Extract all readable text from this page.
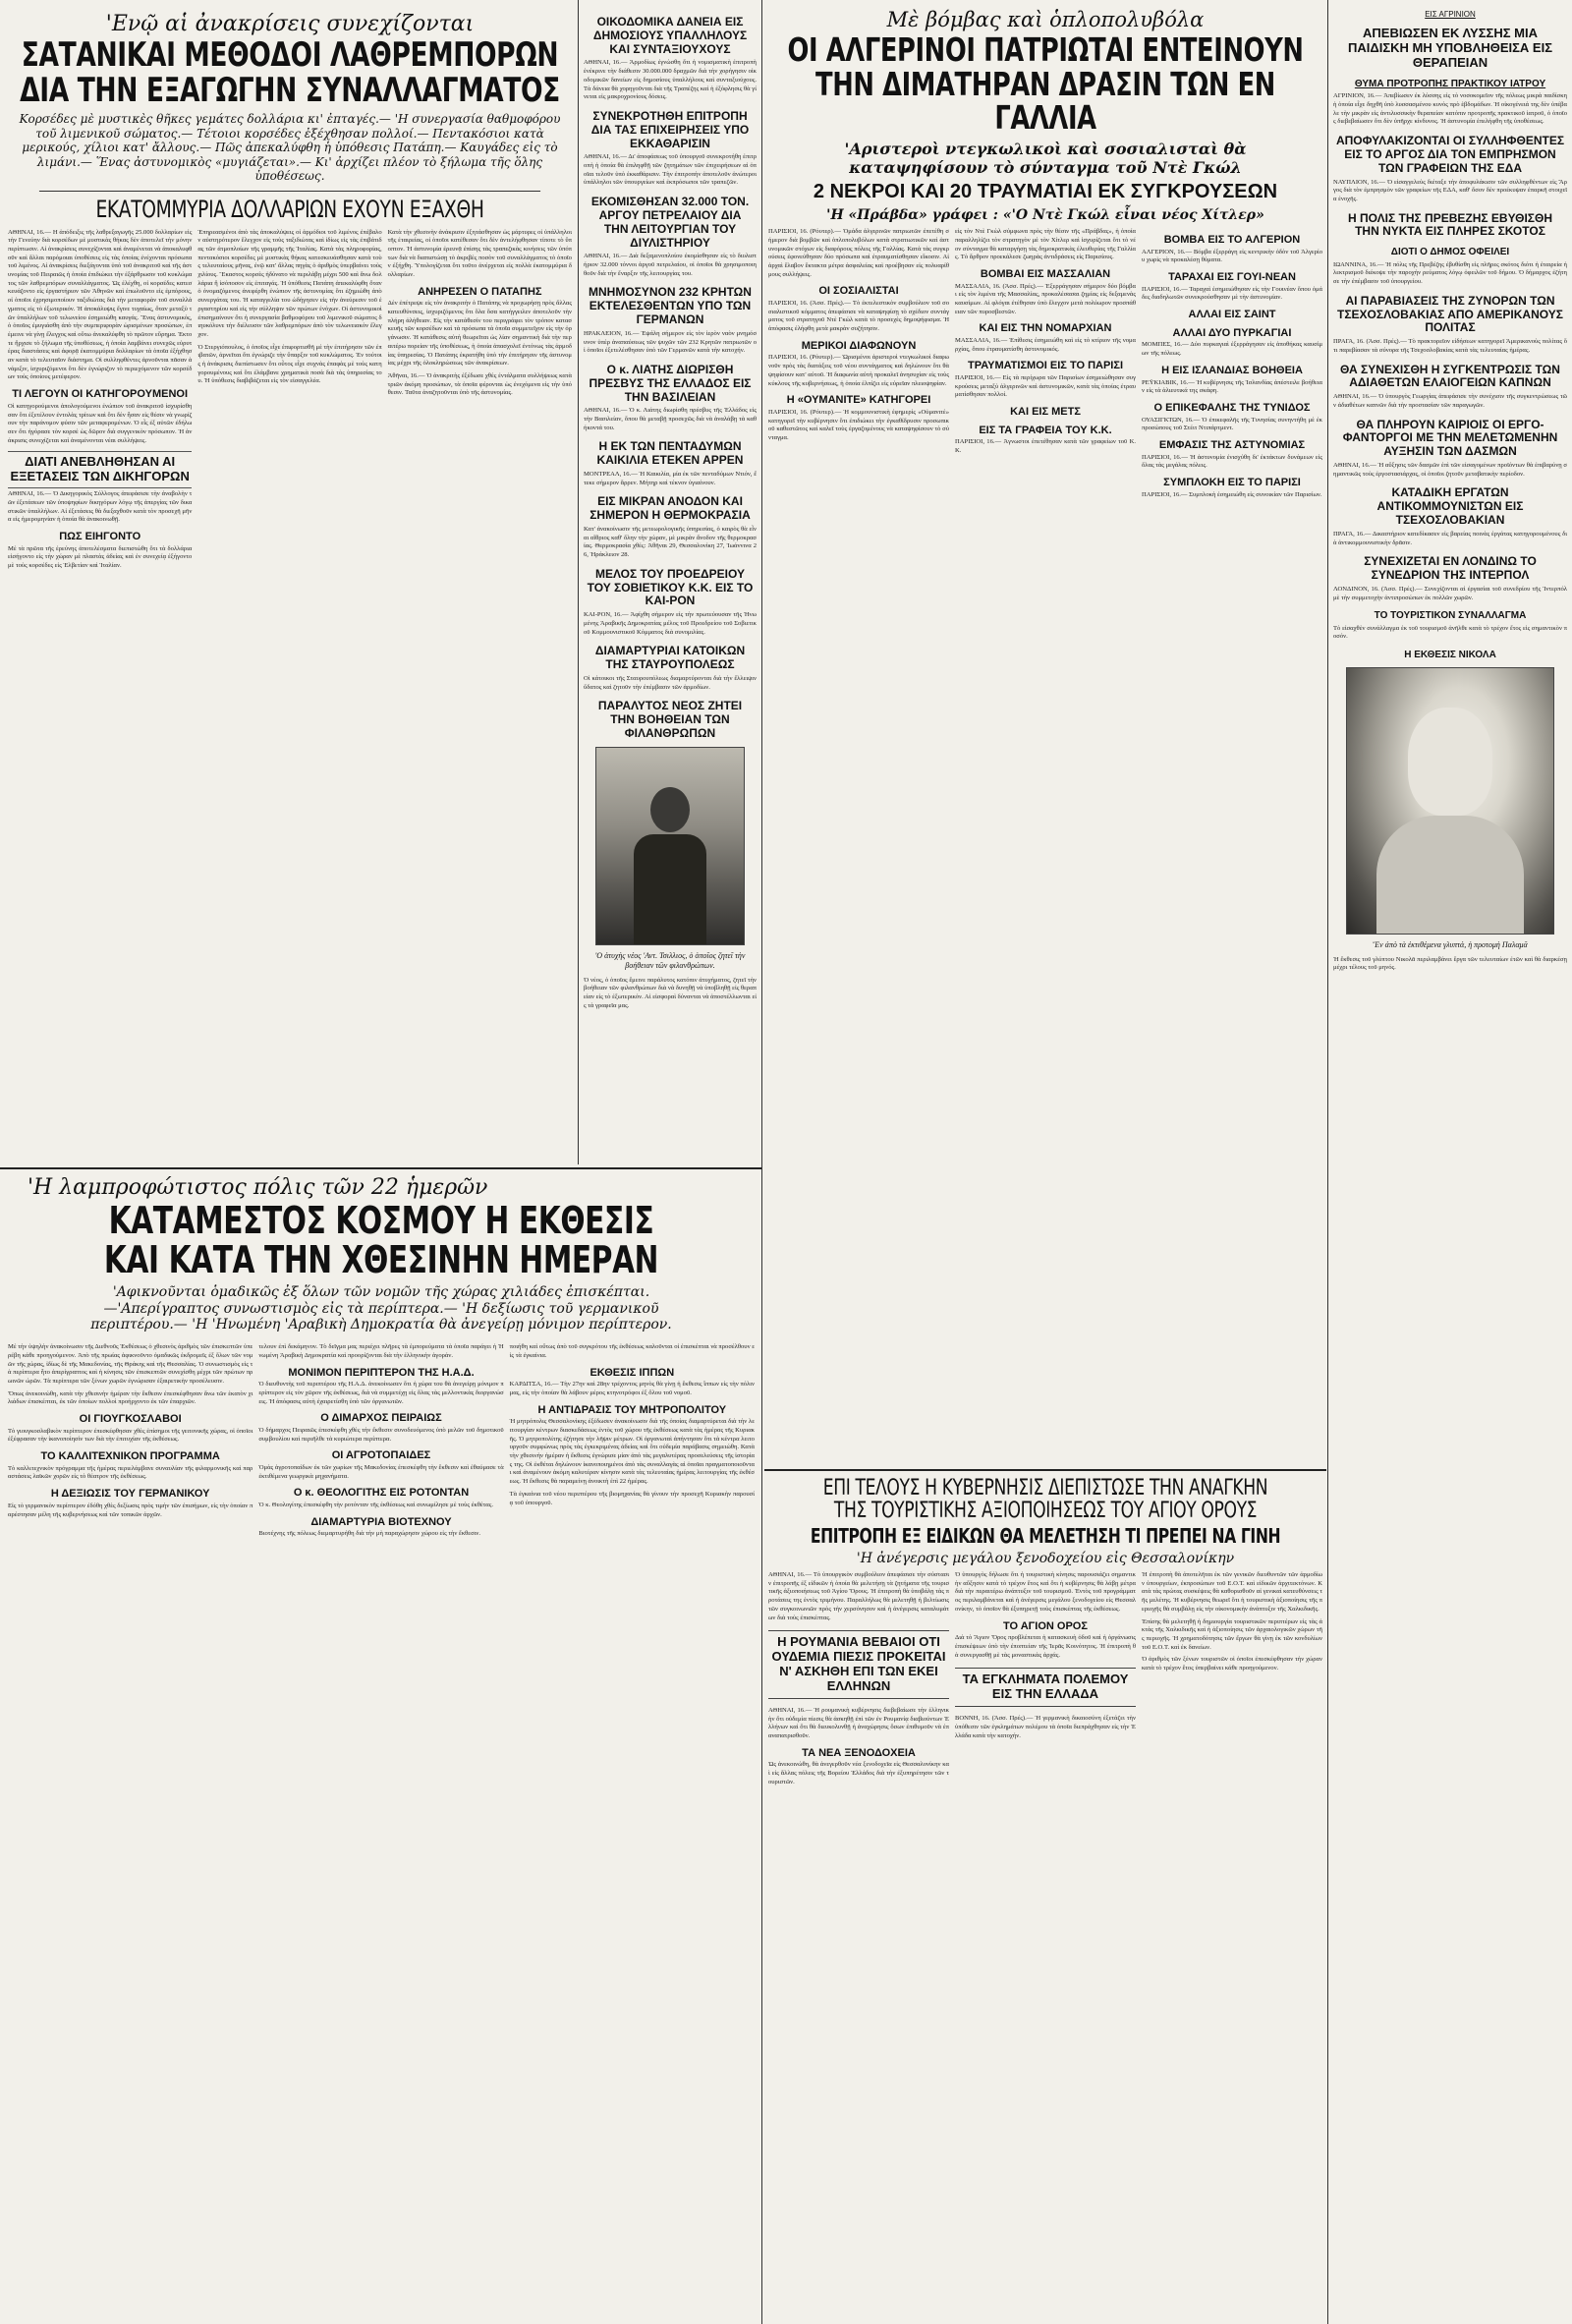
'Ενῷ αἱ ἀνακρίσεις συνεχίζονται

ΣΑΤΑΝΙΚΑΙ ΜΕΘΟΔΟΙ ΛΑΘΡΕΜΠΟΡΩΝ

ΔΙΑ ΤΗΝ ΕΞΑΓΩΓΗΝ ΣΥΝΑΛΛΑΓΜΑΤΟΣ

Κορσέδες μὲ μυστικὲς θῆκες γεμάτες δολλάρια κι' ἐπταγές.— 'Η συνεργασία θαθμοφόρου τοῦ λιμενικοῦ σώματος.— Τέτοιοι κορσέδες ἐξέχθησαν πολλοί.— Πεντακόσιοι κατὰ μερικούς, χίλιοι κατ' ἄλλους.— Πῶς ἀπεκαλύφθη ἡ ὑπόθεσις Πατάπη.— Καυγάδες εἰς τὸ λιμάνι.— Ἕνας ἀστυνομικὸς «μυγιάζεται».— Κι' ἀρχίζει πλέον τὸ ξήλωμα τῆς ὅλης ὑποθέσεως.

ΕΚΑΤΟΜΜΥΡΙΑ ΔΟΛΛΑΡΙΩΝ ΕΧΟΥΝ ΕΞΑΧΘΗ

ΑΘΗΝΑΙ, 16.— Η ἀπόδειξις τῆς λαθρεξαγωγῆς 25.000 δολλαρίων εἰς τὴν Γενεύην διὰ κορσέδων μὲ μυστικὰς θήκας δὲν ἀποτελεῖ τὴν μόνην περίπτωσιν. Αἱ ἀνακρίσεις συνεχίζονται καὶ ἀναμένεται νὰ ἀποκαλυφθοῦν καὶ ἄλλαι παρόμοιαι ὑποθέσεις εἰς τὰς ὁποίας ἐνέχονται πρόσωπα τοῦ λιμένος. Αἱ ἀνακρίσεις διεξάγονται ὑπὸ τοῦ ἀνακριτοῦ καὶ τῆς ἀστυνομίας τοῦ Πειραιῶς ἡ ὁποία ἐπιδιώκει τὴν ἐξάρθρωσιν τοῦ κυκλώματος τῶν λαθρεμπόρων συναλλάγματος. Ὡς ἐλέχθη, οἱ κορσέδες κατεσκευάζοντο εἰς ἐργαστήριον τῶν Ἀθηνῶν καὶ ἐπωλοῦντο εἰς ἐμπόρους, οἱ ὁποῖοι ἐχρησιμοποίουν ταξιδιώτας διὰ τὴν μεταφορὰν τοῦ συναλλάγματος εἰς τὸ ἐξωτερικόν. Ἡ ἀποκάλυψις ἔγινε τυχαίως, ὅταν μεταξὺ τῶν ὑπαλλήλων τοῦ τελωνείου ἐσημειώθη καυγάς. Ἕνας ἀστυνομικός, ὁ ὁποῖος ἐμυγιάσθη ἀπὸ τὴν συμπεριφορὰν ὡρισμένων προσώπων, ἐπέμεινε νὰ γίνῃ ἔλεγχος καὶ οὕτω ἀνεκαλύφθη τὸ πρῶτον εὕρημα. Ἐκτοτε ἤρχισε τὸ ξήλωμα τῆς ὑποθέσεως, ἡ ὁποία λαμβάνει συνεχῶς εὐρυτέρας διαστάσεις καὶ ἀφορᾷ ἐκατομμύρια δολλαρίων τὰ ὁποῖα ἐξήχθησαν κατὰ τὸ τελευταῖον διάστημα. Οἱ συλληφθέντες ἀρνοῦνται πᾶσαν ἀνάμιξιν, ἰσχυριζόμενοι ὅτι δὲν ἐγνώριζον τὸ περιεχόμενον τῶν κορσέδων τοὺς ὁποίους μετέφερον.

ΤΙ ΛΕΓΟΥΝ ΟΙ ΚΑΤΗΓΟΡΟΥΜΕΝΟΙ

Οἱ κατηγορούμενοι ἀπολογούμενοι ἐνώπιον τοῦ ἀνακριτοῦ ἰσχυρίσθησαν ὅτι ἐξετέλουν ἐντολὰς τρίτων καὶ ὅτι δὲν ἦσαν εἰς θέσιν νὰ γνωρίζουν τὴν παράνομον φύσιν τῶν μεταφερομένων. Ὁ εἷς ἐξ αὐτῶν ἐδήλωσεν ὅτι ἠγόρασε τὸν κορσὲ ὡς δῶρον διὰ συγγενικὸν πρόσωπον. Ἡ ἀνάκρισις συνεχίζεται καὶ ἀναμένονται νέαι συλλήψεις.

ΔΙΑΤΙ ΑΝΕΒΛΗΘΗΣΑΝ ΑΙ ΕΞΕΤΑΣΕΙΣ ΤΩΝ ΔΙΚΗΓΟΡΩΝ

ΑΘΗΝΑΙ, 16.— Ὁ Δικηγορικὸς Σύλλογος ἀπεφάσισε τὴν ἀναβολὴν τῶν ἐξετάσεων τῶν ὑποψηφίων δικηγόρων λόγῳ τῆς ἀπεργίας τῶν δικαστικῶν ὑπαλλήλων. Αἱ ἐξετάσεις θὰ διεξαχθοῦν κατὰ τὸν προσεχῆ μῆνα εἰς ἡμερομηνίαν ἡ ὁποία θὰ ἀνακοινωθῇ.

ΠΩΣ ΕΙΗΓΟΝΤΟ

Μὲ τὰ πρῶτα τῆς ἐρεύνης ἀποτελέσματα διεπιστώθη ὅτι τὰ δολλάρια εἰσήγοντο εἰς τὴν χώραν μὲ πλαστὰς ἀδείας καὶ ἐν συνεχείᾳ ἐξήγοντο μὲ τοὺς κορσέδες εἰς Ἑλβετίαν καὶ Ἰταλίαν.

Ἐπηρεασμένοι ἀπὸ τὰς ἀποκαλύψεις οἱ ἁρμόδιοι τοῦ λιμένος ἐπέβαλον αὐστηρότερον ἔλεγχον εἰς τοὺς ταξιδιώτας καὶ ἰδίως εἰς τὰς ἐπιβάτιδας τῶν ἀτμοπλοίων τῆς γραμμῆς τῆς Ἰταλίας. Κατὰ τὰς πληροφορίας, πεντακόσιοι κορσέδες μὲ μυστικὰς θήκας κατεσκευάσθησαν κατὰ τοὺς τελευταίους μῆνας, ἐνῷ κατ' ἄλλας πηγὰς ὁ ἀριθμὸς ὑπερβαίνει τοὺς χιλίους. Ἕκαστος κορσὲς ἠδύνατο νὰ περιλάβῃ μέχρι 500 καὶ ἄνω δολλάρια ἢ ἰσόποσον εἰς ἐπιταγάς. Ἡ ὑπόθεσις Πατάπη ἀπεκαλύφθη ὅταν ὁ ὀνομαζόμενος ἀνεφέρθη ἐνώπιον τῆς ἀστυνομίας ὅτι ἐζημιώθη ἀπὸ συνεργάτας του. Ἡ καταγγελία του ὡδήγησεν εἰς τὴν ἀνεύρεσιν τοῦ ἐργαστηρίου καὶ εἰς τὴν σύλληψιν τῶν πρώτων ἐνόχων. Οἱ ἀστυνομικοὶ ἐπισημαίνουν ὅτι ἡ συνεργασία βαθμοφόρου τοῦ λιμενικοῦ σώματος διηυκόλυνε τὴν διέλευσιν τῶν λαθρεμπόρων ἀπὸ τὸν τελωνειακὸν ἔλεγχον.

Ὁ Στεργιόπουλος, ὁ ὁποῖος εἶχε ἐπιφορτισθῆ μὲ τὴν ἐπιτήρησιν τῶν ἐπιβατῶν, ἀρνεῖται ὅτι ἐγνώριζε τὴν ὕπαρξιν τοῦ κυκλώματος. Ἐν τούτοις ἡ ἀνάκρισις διεπίστωσεν ὅτι οὗτος εἶχε συχνὰς ἐπαφὰς μὲ τοὺς κατηγορουμένους καὶ ὅτι ἐλάμβανε χρηματικὰ ποσὰ διὰ τὰς ὑπηρεσίας του. Ἡ ὑπόθεσις διαβιβάζεται εἰς τὸν εἰσαγγελέα.

Κατὰ τὴν χθεσινὴν ἀνάκρισιν ἐξητάσθησαν ὡς μάρτυρες οἱ ὑπάλληλοι τῆς ἐταιρείας, οἱ ὁποῖοι κατέθεσαν ὅτι δὲν ἀντελήφθησαν τίποτε τὸ ὕποπτον. Ἡ ἀστυνομία ἐρευνᾷ ἐπίσης τὰς τραπεζικὰς κινήσεις τῶν ὑπόπτων διὰ νὰ διαπιστώσῃ τὸ ἀκριβὲς ποσὸν τοῦ συναλλάγματος τὸ ὁποῖον ἐξήχθη. Ὑπολογίζεται ὅτι τοῦτο ἀνέρχεται εἰς πολλὰ ἑκατομμύρια δολλαρίων.

ΑΝΗΡΕΣΕΝ Ο ΠΑΤΑΠΗΣ

Δὲν ἐπέτρεψε εἰς τὸν ἀνακριτὴν ὁ Πατάπης νὰ προχωρήσῃ πρὸς ἄλλας κατευθύνσεις, ἰσχυριζόμενος ὅτι ὅλα ὅσα κατήγγειλεν ἀποτελοῦν τὴν πλήρη ἀλήθειαν. Εἰς τὴν κατάθεσίν του περιγράφει τὸν τρόπον κατασκευῆς τῶν κορσέδων καὶ τὰ πρόσωπα τὰ ὁποῖα συμμετεῖχον εἰς τὴν ὀργάνωσιν. Ἡ κατάθεσις αὐτὴ θεωρεῖται ὡς λίαν σημαντικὴ διὰ τὴν περαιτέρω πορείαν τῆς ὑποθέσεως, ἡ ὁποία ἀπασχολεῖ ἐντόνως τὰς ἁρμοδίας ὑπηρεσίας. Ὁ Πατάπης ἐκρατήθη ὑπὸ τὴν ἐπιτήρησιν τῆς ἀστυνομίας μέχρι τῆς ὁλοκληρώσεως τῶν ἀνακρίσεων.

Ἀθῆναι, 16.— Ὁ ἀνακριτὴς ἐξέδωσε χθὲς ἐντάλματα συλλήψεως κατὰ τριῶν ἀκόμη προσώπων, τὰ ὁποῖα φέρονται ὡς ἐνεχόμενα εἰς τὴν ὑπόθεσιν. Ταῦτα ἀναζητοῦνται ὑπὸ τῆς ἀστυνομίας.

'Η λαμπροφώτιστος πόλις τῶν 22 ἡμερῶν

ΚΑΤΑΜΕΣΤΟΣ ΚΟΣΜΟΥ Η ΕΚΘΕΣΙΣ

ΚΑΙ ΚΑΤΑ ΤΗΝ ΧΘΕΣΙΝΗΝ ΗΜΕΡΑΝ

'Αφικνοῦνται ὁμαδικῶς ἐξ ὅλων τῶν νομῶν τῆς χώρας χιλιάδες ἐπισκέπται.—'Απερίγραπτος συνωστισμὸς εἰς τὰ περίπτερα.— 'Η δεξίωσις τοῦ γερμανικοῦ περιπτέρου.— 'Η 'Ηνωμένη 'Αραβικὴ Δημοκρατία θὰ ἀνεγείρῃ μόνιμον περίπτερον.

Μὲ τὴν ὑψηλὴν ἀνακοίνωσιν τῆς Διεθνοῦς Ἐκθέσεως ὁ χθεσινὸς ἀριθμὸς τῶν ἐπισκεπτῶν ὑπερέβη κάθε προηγούμενον. Ἀπὸ τῆς πρωίας ἀφικνοῦντο ὁμαδικῶς ἐκδρομεῖς ἐξ ὅλων τῶν νομῶν τῆς χώρας, ἰδίως δὲ τῆς Μακεδονίας, τῆς Θράκης καὶ τῆς Θεσσαλίας. Ὁ συνωστισμὸς εἰς τὰ περίπτερα ἦτο ἀπερίγραπτος καὶ ἡ κίνησις τῶν ἐπισκεπτῶν συνεχίσθη μέχρι τῶν πρώτων πρωινῶν ὡρῶν. Τὰ περίπτερα τῶν ξένων χωρῶν ἐγνώρισαν ἐξαιρετικὴν προσέλευσιν.

Ὅπως ἀνεκοινώθη, κατὰ τὴν χθεσινὴν ἡμέραν τὴν ἔκθεσιν ἐπεσκέφθησαν ἄνω τῶν ἑκατὸν χιλιάδων ἐπισκέπται, ἐκ τῶν ὁποίων πολλοὶ προήρχοντο ἐκ τῶν ἐπαρχιῶν.

ΟΙ ΓΙΟΥΓΚΟΣΛΑΒΟΙ

Τὸ γιουγκοσλαβικὸν περίπτερον ἐπεσκέφθησαν χθὲς ἐπίσημοι τῆς γειτονικῆς χώρας, οἱ ὁποῖοι ἐξέφρασαν τὴν ἱκανοποίησίν των διὰ τὴν ἐπιτυχίαν τῆς ἐκθέσεως.

ΤΟ ΚΑΛΛΙΤΕΧΝΙΚΟΝ ΠΡΟΓΡΑΜΜΑ

Τὸ καλλιτεχνικὸν πρόγραμμα τῆς ἡμέρας περιελάμβανε συναυλίαν τῆς φιλαρμονικῆς καὶ παραστάσεις λαϊκῶν χορῶν εἰς τὸ θέατρον τῆς ἐκθέσεως.

Η ΔΕΞΙΩΣΙΣ ΤΟΥ ΓΕΡΜΑΝΙΚΟΥ

Εἰς τὸ γερμανικὸν περίπτερον ἐδόθη χθὲς δεξίωσις πρὸς τιμὴν τῶν ἐπισήμων, εἰς τὴν ὁποίαν παρέστησαν μέλη τῆς κυβερνήσεως καὶ τῶν τοπικῶν ἀρχῶν.

τελουν ἐπὶ δεκάμηνον. Τὸ δεῖγμα μας περιέχει πλῆρες τὰ ἐμπορεύματα τὰ ὁποῖα παράγει ἡ Ἠνωμένη Ἀραβικὴ Δημοκρατία καὶ προορίζονται διὰ τὴν ἑλληνικὴν ἀγοράν.

ΜΟΝΙΜΟΝ ΠΕΡΙΠΤΕΡΟΝ ΤΗΣ Η.Α.Δ.

Ὁ διευθυντὴς τοῦ περιπτέρου τῆς Η.Α.Δ. ἀνεκοίνωσεν ὅτι ἡ χώρα του θὰ ἀνεγείρῃ μόνιμον περίπτερον εἰς τὸν χῶρον τῆς ἐκθέσεως, διὰ νὰ συμμετέχῃ εἰς ὅλας τὰς μελλοντικὰς διοργανώσεις. Ἡ ἀπόφασις αὐτὴ ἐχαιρετίσθη ὑπὸ τῶν ὀργανωτῶν.

Ο ΔΙΜΑΡΧΟΣ ΠΕΙΡΑΙΩΣ

Ὁ δήμαρχος Πειραιῶς ἐπεσκέφθη χθὲς τὴν ἔκθεσιν συνοδευόμενος ὑπὸ μελῶν τοῦ δημοτικοῦ συμβουλίου καὶ περιῆλθε τὰ κυριώτερα περίπτερα.

ΟΙ ΑΓΡΟΤΟΠΑΙΔΕΣ

Ὁμὰς ἀγροτοπαίδων ἐκ τῶν χωρίων τῆς Μακεδονίας ἐπεσκέφθη τὴν ἔκθεσιν καὶ ἐθαύμασε τὰ ἐκτιθέμενα γεωργικὰ μηχανήματα.

Ο κ. ΘΕΟΛΟΓΙΤΗΣ ΕΙΣ ΡΟΤΟΝΤΑΝ

Ὁ κ. Θεολογίτης ἐπεσκέφθη τὴν ροτόνταν τῆς ἐκθέσεως καὶ συνωμίλησε μὲ τοὺς ἐκθέτας.

ΔΙΑΜΑΡΤΥΡΙΑ ΒΙΟΤΕΧΝΟΥ

Βιοτέχνης τῆς πόλεως διεμαρτυρήθη διὰ τὴν μὴ παραχώρησιν χώρου εἰς τὴν ἔκθεσιν.

ποιήθη καὶ οὕτως ἀπὸ τοῦ συγκρότου τῆς ἐκθέσεως καλοῦνται οἱ ἐπισκέπται νὰ προσέλθουν εἰς τὰ ἐγκαίνια.

ΕΚΘΕΣΙΣ ΙΠΠΩΝ

ΚΑΡΔΙΤΣΑ, 16.— Τὴν 27ην καὶ 28ην τρέχοντος μηνὸς θὰ γίνῃ ἡ ἔκθεσις ἵππων εἰς τὴν πόλιν μας, εἰς τὴν ὁποίαν θὰ λάβουν μέρος κτηνοτρόφοι ἐξ ὅλου τοῦ νομοῦ.

Η ΑΝΤΙΔΡΑΣΙΣ ΤΟΥ ΜΗΤΡΟΠΟΛΙΤΟΥ

Ἡ μητρόπολις Θεσσαλονίκης ἐξέδωσεν ἀνακοίνωσιν διὰ τῆς ὁποίας διαμαρτύρεται διὰ τὴν λειτουργίαν κέντρων διασκεδάσεως ἐντὸς τοῦ χώρου τῆς ἐκθέσεως κατὰ τὰς ἡμέρας τῆς Κυριακῆς. Ὁ μητροπολίτης ἐζήτησε τὴν λῆψιν μέτρων. Οἱ ὀργανωταὶ ἀπήντησαν ὅτι τὰ κέντρα λειτουργοῦν συμφώνως πρὸς τὰς ἐγκεκριμένας ἀδείας καὶ ὅτι οὐδεμία παράβασις σημειώθη. Κατὰ τὴν χθεσινὴν ἡμέραν ἡ ἔκθεσις ἐγνώρισε μίαν ἀπὸ τὰς μεγαλυτέρας προσελεύσεις τῆς ἱστορίας της. Οἱ ἐκθέται δηλώνουν ἱκανοποιημένοι ἀπὸ τὰς συναλλαγὰς αἱ ὁποῖαι πραγματοποιοῦνται καὶ ἀναμένουν ἀκόμη καλυτέραν κίνησιν κατὰ τὰς τελευταίας ἡμέρας λειτουργίας τῆς ἐκθέσεως. Ἡ ἔκθεσις θὰ παραμείνῃ ἀνοικτὴ ἐπὶ 22 ἡμέρας.

Τὰ ἐγκαίνια τοῦ νέου περιπτέρου τῆς βιομηχανίας θὰ γίνουν τὴν προσεχῆ Κυριακὴν παρουσίᾳ τοῦ ὑπουργοῦ.

ΟΙΚΟΔΟΜΙΚΑ ΔΑΝΕΙΑ ΕΙΣ ΔΗΜΟΣΙΟΥΣ ΥΠΑΛΛΗΛΟΥΣ ΚΑΙ ΣΥΝΤΑΞΙΟΥΧΟΥΣ

ΑΘΗΝΑΙ, 16.— Ἀρμοδίως ἐγνώσθη ὅτι ἡ νομισματικὴ ἐπιτροπὴ ἐνέκρινε τὴν διάθεσιν 30.000.000 δραχμῶν διὰ τὴν χορήγησιν οἰκοδομικῶν δανείων εἰς δημοσίους ὑπαλλήλους καὶ συνταξιούχους. Τὰ δάνεια θὰ χορηγοῦνται διὰ τῆς Τραπέζης καὶ ἡ ἐξόφλησις θὰ γίνεται εἰς μακροχρονίους δόσεις.

ΣΥΝΕΚΡΟΤΗΘΗ ΕΠΙΤΡΟΠΗ ΔΙΑ ΤΑΣ ΕΠΙΧΕΙΡΗΣΕΙΣ ΥΠΟ ΕΚΚΑΘΑΡΙΣΙΝ

ΑΘΗΝΑΙ, 16.— Δι' ἀποφάσεως τοῦ ὑπουργοῦ συνεκροτήθη ἐπιτροπὴ ἡ ὁποία θὰ ἐπιληφθῇ τῶν ζητημάτων τῶν ἐπιχειρήσεων αἱ ὁποῖαι τελοῦν ὑπὸ ἐκκαθάρισιν. Τὴν ἐπιτροπὴν ἀποτελοῦν ἀνώτεροι ὑπάλληλοι τῶν ὑπουργείων καὶ ἐκπρόσωποι τῶν τραπεζῶν.

ΕΚΟΜΙΣΘΗΣΑΝ 32.000 ΤΟΝ. ΑΡΓΟΥ ΠΕΤΡΕΛΑΙΟΥ ΔΙΑ ΤΗΝ ΛΕΙΤΟΥΡΓΙΑΝ ΤΟΥ ΔΙΥΛΙΣΤΗΡΙΟΥ

ΑΘΗΝΑΙ, 16.— Διὰ δεξαμενοπλοίου ἐκομίσθησαν εἰς τὸ διυλιστήριον 32.000 τόννοι ἀργοῦ πετρελαίου, οἱ ὁποῖοι θὰ χρησιμοποιηθοῦν διὰ τὴν ἔναρξιν τῆς λειτουργίας του.

ΜΝΗΜΟΣΥΝΟΝ 232 ΚΡΗΤΩΝ ΕΚΤΕΛΕΣΘΕΝΤΩΝ ΥΠΟ ΤΩΝ ΓΕΡΜΑΝΩΝ

ΗΡΑΚΛΕΙΟΝ, 16.— Ἐψάλη σήμερον εἰς τὸν ἱερὸν ναὸν μνημόσυνον ὑπὲρ ἀναπαύσεως τῶν ψυχῶν τῶν 232 Κρητῶν πατριωτῶν οἱ ὁποῖοι ἐξετελέσθησαν ὑπὸ τῶν Γερμανῶν κατὰ τὴν κατοχήν.

Ο κ. ΛΙΑΤΗΣ ΔΙΩΡΙΣΘΗ ΠΡΕΣΒΥΣ ΤΗΣ ΕΛΛΑΔΟΣ ΕΙΣ ΤΗΝ ΒΑΣΙΛΕΙΑΝ

ΑΘΗΝΑΙ, 16.— Ὁ κ. Λιάτης διωρίσθη πρέσβυς τῆς Ἑλλάδος εἰς τὴν Βασιλείαν, ὅπου θὰ μεταβῇ προσεχῶς διὰ νὰ ἀναλάβῃ τὰ καθήκοντά του.

Η ΕΚ ΤΩΝ ΠΕΝΤΑΔΥΜΩΝ ΚΑΙΚΙΛΙΑ ΕΤΕΚΕΝ ΑΡΡΕΝ

ΜΟΝΤΡΕΑΛ, 16.— Ἡ Καικιλία, μία ἐκ τῶν πενταδύμων Ντιόν, ἔτεκε σήμερον ἄρρεν. Μήτηρ καὶ τέκνον ὑγιαίνουν.

ΕΙΣ ΜΙΚΡΑΝ ΑΝΟΔΟΝ ΚΑΙ ΣΗΜΕΡΟΝ Η ΘΕΡΜΟΚΡΑΣΙΑ

Κατ' ἀνακοίνωσιν τῆς μετεωρολογικῆς ὑπηρεσίας, ὁ καιρὸς θὰ εἶναι αἴθριος καθ' ὅλην τὴν χώραν, μὲ μικρὰν ἄνοδον τῆς θερμοκρασίας. Θερμοκρασία χθές: Ἀθῆναι 29, Θεσσαλονίκη 27, Ἰωάννινα 26, Ἡράκλειον 28.

ΜΕΛΟΣ ΤΟΥ ΠΡΟΕΔΡΕΙΟΥ ΤΟΥ ΣΟΒΙΕΤΙΚΟΥ Κ.Κ. ΕΙΣ ΤΟ ΚΑΙ-ΡΟΝ

ΚΑΙ-ΡΟΝ, 16.— Ἀφίχθη σήμερον εἰς τὴν πρωτεύουσαν τῆς Ἡνωμένης Ἀραβικῆς Δημοκρατίας μέλος τοῦ Προεδρείου τοῦ Σοβιετικοῦ Κομμουνιστικοῦ Κόμματος διὰ συνομιλίας.

ΔΙΑΜΑΡΤΥΡΙΑΙ ΚΑΤΟΙΚΩΝ ΤΗΣ ΣΤΑΥΡΟΥΠΟΛΕΩΣ

Οἱ κάτοικοι τῆς Σταυρουπόλεως διαμαρτύρονται διὰ τὴν ἔλλειψιν ὕδατος καὶ ζητοῦν τὴν ἐπέμβασιν τῶν ἁρμοδίων.

ΠΑΡΑΛΥΤΟΣ ΝΕΟΣ ΖΗΤΕΙ ΤΗΝ ΒΟΗΘΕΙΑΝ ΤΩΝ ΦΙΛΑΝΘΡΩΠΩΝ

'Ο ἀτυχὴς νέος 'Αντ. Τσιλλιος, ὁ ὁποῖος ζητεῖ τὴν βοήθειαν τῶν φιλανθρώπων.

Ὁ νέος, ὁ ὁποῖος ἔμεινε παράλυτος κατόπιν ἀτυχήματος, ζητεῖ τὴν βοήθειαν τῶν φιλανθρώπων διὰ νὰ δυνηθῇ νὰ ὑποβληθῇ εἰς θεραπείαν εἰς τὸ ἐξωτερικόν. Αἱ εἰσφοραὶ δύνανται νὰ ἀποστέλλωνται εἰς τὰ γραφεῖα μας.

Μὲ βόμβας καὶ ὁπλοπολυβόλα

ΟΙ ΑΛΓΕΡΙΝΟΙ ΠΑΤΡΙΩΤΑΙ ΕΝΤΕΙΝΟΥΝ

ΤΗΝ ΔΙΜΑΤΗΡΑΝ ΔΡΑΣΙΝ ΤΩΝ ΕΝ ΓΑΛΛΙΑ

'Αριστεροὶ ντεγκωλικοὶ καὶ σοσιαλισταὶ θὰ καταψηφίσουν τὸ σύνταγμα τοῦ Ντὲ Γκώλ

2 ΝΕΚΡΟΙ ΚΑΙ 20 ΤΡΑΥΜΑΤΙΑΙ ΕΚ ΣΥΓΚΡΟΥΣΕΩΝ

'Η «Πράβδα» γράφει : «'Ο Ντὲ Γκώλ εἶναι νέος Χίτλερ»

ΠΑΡΙΣΙΟΙ, 16. (Ρόυτερ).— Ὁμάδα ἀλγερινῶν πατριωτῶν ἐπετέθη σήμερον διὰ βομβῶν καὶ ὁπλοπολυβόλων κατὰ στρατιωτικῶν καὶ ἀστυνομικῶν στόχων εἰς διαφόρους πόλεις τῆς Γαλλίας. Κατὰ τὰς συγκρούσεις ἐφονεύθησαν δύο πρόσωπα καὶ ἐτραυματίσθησαν εἴκοσιν. Αἱ ἀρχαὶ ἔλαβον ἔκτακτα μέτρα ἀσφαλείας καὶ προέβησαν εἰς πολυαρίθμους συλλήψεις.

ΟΙ ΣΟΣΙΑΛΙΣΤΑΙ

ΠΑΡΙΣΙΟΙ, 16. (Ἀσσ. Πρές).— Τὸ ἐκτελεστικὸν συμβούλιον τοῦ σοσιαλιστικοῦ κόμματος ἀπεφάσισε νὰ καταψηφίσῃ τὸ σχέδιον συντάγματος τοῦ στρατηγοῦ Ντὲ Γκώλ κατὰ τὸ προσεχὲς δημοψήφισμα. Ἡ ἀπόφασις ἐλήφθη μετὰ μακρὰν συζήτησιν.

ΜΕΡΙΚΟΙ ΔΙΑΦΩΝΟΥΝ

ΠΑΡΙΣΙΟΙ, 16. (Ρόυτερ).— Ὡρισμένοι ἀριστεροὶ ντεγκωλικοὶ διαφωνοῦν πρὸς τὰς διατάξεις τοῦ νέου συντάγματος καὶ δηλώνουν ὅτι θὰ ψηφίσουν κατ' αὐτοῦ. Ἡ διαφωνία αὐτὴ προκαλεῖ ἀνησυχίαν εἰς τοὺς κύκλους τῆς κυβερνήσεως, ἡ ὁποία ἐλπίζει εἰς εὐρεῖαν πλειοψηφίαν.

Η «ΟΥΜΑΝΙΤΕ» ΚΑΤΗΓΟΡΕΙ

ΠΑΡΙΣΙΟΙ, 16. (Ρόυτερ).— Ἡ κομμουνιστικὴ ἐφημερὶς «Οὐμανιτὲ» κατηγορεῖ τὴν κυβέρνησιν ὅτι ἐπιδιώκει τὴν ἐγκαθίδρυσιν προσωπικοῦ καθεστῶτος καὶ καλεῖ τοὺς ἐργαζομένους νὰ καταψηφίσουν τὸ σύνταγμα.

εἰς τὸν Ντὲ Γκὼλ σύμφωνα πρὸς τὴν θέσιν τῆς «Πράβδας», ἡ ὁποία παραλληλίζει τὸν στρατηγὸν μὲ τὸν Χίτλερ καὶ ἰσχυρίζεται ὅτι τὸ νέον σύνταγμα θὰ καταργήσῃ τὰς δημοκρατικὰς ἐλευθερίας τῆς Γαλλίας. Τὸ ἄρθρον προεκάλεσε ζωηρὰς ἀντιδράσεις εἰς Παρισίους.

ΒΟΜΒΑΙ ΕΙΣ ΜΑΣΣΑΛΙΑΝ

ΜΑΣΣΑΛΙΑ, 16. (Ἀσσ. Πρές).— Ἐξερράγησαν σήμερον δύο βόμβαι εἰς τὸν λιμένα τῆς Μασσαλίας, προκαλέσασαι ζημίας εἰς δεξαμενὰς καυσίμων. Αἱ φλόγαι ἐτέθησαν ὑπὸ ἔλεγχον μετὰ πολύωρον προσπάθειαν τῶν πυροσβεστῶν.

ΚΑΙ ΕΙΣ ΤΗΝ ΝΟΜΑΡΧΙΑΝ

ΜΑΣΣΑΛΙΑ, 16.— Ἐπίθεσις ἐσημειώθη καὶ εἰς τὸ κτίριον τῆς νομαρχίας, ὅπου ἐτραυματίσθη ἀστυνομικός.

ΤΡΑΥΜΑΤΙΣΜΟΙ ΕΙΣ ΤΟ ΠΑΡΙΣΙ

ΠΑΡΙΣΙΟΙ, 16.— Εἰς τὰ περίχωρα τῶν Παρισίων ἐσημειώθησαν συγκρούσεις μεταξὺ ἀλγερινῶν καὶ ἀστυνομικῶν, κατὰ τὰς ὁποίας ἐτραυματίσθησαν πολλοί.

ΚΑΙ ΕΙΣ ΜΕΤΣ

ΕΙΣ ΤΑ ΓΡΑΦΕΙΑ ΤΟΥ Κ.Κ.

ΠΑΡΙΣΙΟΙ, 16.— Ἀγνωστοι ἐπετέθησαν κατὰ τῶν γραφείων τοῦ Κ.Κ.

ΒΟΜΒΑ ΕΙΣ ΤΟ ΑΛΓΕΡΙΟΝ

ΑΛΓΕΡΙΟΝ, 16.— Βόμβα ἐξερράγη εἰς κεντρικὴν ὁδὸν τοῦ Ἀλγερίου χωρὶς νὰ προκαλέσῃ θύματα.

ΤΑΡΑΧΑΙ ΕΙΣ ΓΟΥΙ-ΝΕΑΝ

ΠΑΡΙΣΙΟΙ, 16.— Ταραχαὶ ἐσημειώθησαν εἰς τὴν Γουινέαν ὅπου ὁμάδες διαδηλωτῶν συνεκρούσθησαν μὲ τὴν ἀστυνομίαν.

ΑΛΛΑΙ ΕΙΣ ΣΑΙΝΤ

ΑΛΛΑΙ ΔΥΟ ΠΥΡΚΑΓΙΑΙ

ΜΟΜΠΕΣ, 16.— Δύο πυρκαγιαὶ ἐξερράγησαν εἰς ἀποθήκας καυσίμων τῆς πόλεως.

Η ΕΙΣ ΙΣΛΑΝΔΙΑΣ ΒΟΗΘΕΙΑ

ΡΕΫΚΙΑΒΙΚ, 16.— Ἡ κυβέρνησις τῆς Ἰσλανδίας ἀπέστειλε βοήθειαν εἰς τὰ ἁλιευτικά της σκάφη.

Ο ΕΠΙΚΕΦΑΛΗΣ ΤΗΣ ΤΥΝΙΔΟΣ

ΟΥΑΣΙΓΚΤΩΝ, 16.— Ὁ ἐπικεφαλῆς τῆς Τυνησίας συνηντήθη μὲ ἐκπροσώπους τοῦ Στέιτ Ντιπάρτμεντ.

ΕΜΦΑΣΙΣ ΤΗΣ ΑΣΤΥΝΟΜΙΑΣ

ΠΑΡΙΣΙΟΙ, 16.— Ἡ ἀστυνομία ἐνισχύθη δι' ἐκτάκτων δυνάμεων εἰς ὅλας τὰς μεγάλας πόλεις.

ΣΥΜΠΛΟΚΗ ΕΙΣ ΤΟ ΠΑΡΙΣΙ

ΠΑΡΙΣΙΟΙ, 16.— Συμπλοκὴ ἐσημειώθη εἰς συνοικίαν τῶν Παρισίων.

ΕΠΙ ΤΕΛΟΥΣ Η ΚΥΒΕΡΝΗΣΙΣ ΔΙΕΠΙΣΤΩΣΕ ΤΗΝ ΑΝΑΓΚΗΝ

ΤΗΣ ΤΟΥΡΙΣΤΙΚΗΣ ΑΞΙΟΠΟΙΗΣΕΩΣ ΤΟΥ ΑΓΙΟΥ ΟΡΟΥΣ

ΕΠΙΤΡΟΠΗ ΕΞ ΕΙΔΙΚΩΝ ΘΑ ΜΕΛΕΤΗΣΗ ΤΙ ΠΡΕΠΕΙ ΝΑ ΓΙΝΗ

'Η ἀνέγερσις μεγάλου ξενοδοχείου εἰς Θεσσαλονίκην

ΑΘΗΝΑΙ, 16.— Τὸ ὑπουργικὸν συμβούλιον ἀπεφάσισε τὴν σύστασιν ἐπιτροπῆς ἐξ εἰδικῶν ἡ ὁποία θὰ μελετήσῃ τὰ ζητήματα τῆς τουριστικῆς ἀξιοποιήσεως τοῦ Ἁγίου Ὄρους. Ἡ ἐπιτροπὴ θὰ ὑποβάλῃ τὰς προτάσεις της ἐντὸς τριμήνου. Παραλλήλως θὰ μελετηθῇ ἡ βελτίωσις τῶν συγκοινωνιῶν πρὸς τὴν χερσόνησον καὶ ἡ ἀνέγερσις καταλυμάτων διὰ τοὺς ἐπισκέπτας.

Η ΡΟΥΜΑΝΙΑ ΒΕΒΑΙΟΙ ΟΤΙ ΟΥΔΕΜΙΑ ΠΙΕΣΙΣ ΠΡΟΚΕΙΤΑΙ Ν' ΑΣΚΗΘΗ ΕΠΙ ΤΩΝ ΕΚΕΙ ΕΛΛΗΝΩΝ

ΑΘΗΝΑΙ, 16.— Ἡ ρουμανικὴ κυβέρνησις διεβεβαίωσε τὴν ἑλληνικὴν ὅτι οὐδεμία πίεσις θὰ ἀσκηθῇ ἐπὶ τῶν ἐν Ρουμανίᾳ διαβιούντων Ἑλλήνων καὶ ὅτι θὰ διευκολυνθῇ ἡ ἀναχώρησις ὅσων ἐπιθυμοῦν νὰ ἐπαναπατρισθοῦν.

ΤΑ ΝΕΑ ΞΕΝΟΔΟΧΕΙΑ

Ὡς ἀνεκοινώθη, θὰ ἀνεγερθοῦν νέα ξενοδοχεῖα εἰς Θεσσαλονίκην καὶ εἰς ἄλλας πόλεις τῆς Βορείου Ἑλλάδος διὰ τὴν ἐξυπηρέτησιν τῶν τουριστῶν.

Ὁ ὑπουργὸς δήλωσε ὅτι ἡ τουριστικὴ κίνησις παρουσιάζει σημαντικὴν αὔξησιν κατὰ τὸ τρέχον ἔτος καὶ ὅτι ἡ κυβέρνησις θὰ λάβῃ μέτρα διὰ τὴν περαιτέρω ἀνάπτυξιν τοῦ τουρισμοῦ. Ἐντὸς τοῦ προγράμματος περιλαμβάνεται καὶ ἡ ἀνέγερσις μεγάλου ξενοδοχείου εἰς Θεσσαλονίκην, τὸ ὁποῖον θὰ ἐξυπηρετῇ τοὺς ἐπισκέπτας τῆς ἐκθέσεως.

ΤΟ ΑΓΙΟΝ ΟΡΟΣ

Διὰ τὸ Ἅγιον Ὄρος προβλέπεται ἡ κατασκευὴ ὁδοῦ καὶ ἡ ὀργάνωσις ἐπισκέψεων ὑπὸ τὴν ἐποπτείαν τῆς Ἱερᾶς Κοινότητος. Ἡ ἐπιτροπὴ θὰ συνεργασθῇ μὲ τὰς μοναστικὰς ἀρχάς.

ΤΑ ΕΓΚΛΗΜΑΤΑ ΠΟΛΕΜΟΥ ΕΙΣ ΤΗΝ ΕΛΛΑΔΑ

ΒΟΝΝΗ, 16. (Ἀσσ. Πρές).— Ἡ γερμανικὴ δικαιοσύνη ἐξετάζει τὴν ὑπόθεσιν τῶν ἐγκλημάτων πολέμου τὰ ὁποῖα διεπράχθησαν εἰς τὴν Ἑλλάδα κατὰ τὴν κατοχήν.

Ἡ ἐπιτροπὴ θὰ ἀποτελῆται ἐκ τῶν γενικῶν διευθυντῶν τῶν ἁρμοδίων ὑπουργείων, ἐκπροσώπων τοῦ Ε.Ο.Τ. καὶ εἰδικῶν ἀρχιτεκτόνων. Κατὰ τὰς πρώτας συσκέψεις θὰ καθορισθοῦν αἱ γενικαὶ κατευθύνσεις τῆς μελέτης. Ἡ κυβέρνησις θεωρεῖ ὅτι ἡ τουριστικὴ ἀξιοποίησις τῆς περιοχῆς θὰ συμβάλῃ εἰς τὴν οἰκονομικὴν ἀνάπτυξιν τῆς Χαλκιδικῆς.

Ἐπίσης θὰ μελετηθῇ ἡ δημιουργία τουριστικῶν περιπτέρων εἰς τὰς ἀκτὰς τῆς Χαλκιδικῆς καὶ ἡ ἀξιοποίησις τῶν ἀρχαιολογικῶν χώρων τῆς περιοχῆς. Ἡ χρηματοδότησις τῶν ἔργων θὰ γίνῃ ἐκ τῶν κονδυλίων τοῦ Ε.Ο.Τ. καὶ ἐκ δανείων.

Ὁ ἀριθμὸς τῶν ξένων τουριστῶν οἱ ὁποῖοι ἐπεσκέφθησαν τὴν χώραν κατὰ τὸ τρέχον ἔτος ὑπερβαίνει κάθε προηγούμενον.

ΕΙΣ ΑΓΡΙΝΙΟΝ

ΑΠΕΒΙΩΣΕΝ ΕΚ ΛΥΣΣΗΣ ΜΙΑ ΠΑΙΔΙΣΚΗ ΜΗ ΥΠΟΒΛΗΘΕΙΣΑ ΕΙΣ ΘΕΡΑΠΕΙΑΝ

ΘΥΜΑ ΠΡΟΤΡΟΠΗΣ ΠΡΑΚΤΙΚΟΥ ΙΑΤΡΟΥ

ΑΓΡΙΝΙΟΝ, 16.— Ἀπεβίωσεν ἐκ λύσσης εἰς τὸ νοσοκομεῖον τῆς πόλεως μικρὰ παιδίσκη ἡ ὁποία εἶχε δηχθῆ ὑπὸ λυσσασμένου κυνὸς πρὸ ἑβδομάδων. Ἡ οἰκογένειά της δὲν ὑπέβαλε τὴν μικρὰν εἰς ἀντιλυσσικὴν θεραπείαν κατόπιν προτροπῆς πρακτικοῦ ἰατροῦ, ὁ ὁποῖος διεβεβαίωσεν ὅτι δὲν ὑπῆρχε κίνδυνος. Ἡ ἀστυνομία ἐπελήφθη τῆς ὑποθέσεως.

ΑΠΟΦΥΛΑΚΙΖΟΝΤΑΙ ΟΙ ΣΥΛΛΗΦΘΕΝΤΕΣ ΕΙΣ ΤΟ ΑΡΓΟΣ ΔΙΑ ΤΟΝ ΕΜΠΡΗΣΜΟΝ ΤΩΝ ΓΡΑΦΕΙΩΝ ΤΗΣ ΕΔΑ

ΝΑΥΠΛΙΟΝ, 16.— Ὁ εἰσαγγελεὺς διέταξε τὴν ἀποφυλάκισιν τῶν συλληφθέντων εἰς Ἄργος διὰ τὸν ἐμπρησμὸν τῶν γραφείων τῆς ΕΔΑ, καθ' ὅσον δὲν προέκυψαν ἐπαρκῆ στοιχεῖα ἐνοχῆς.

Η ΠΟΛΙΣ ΤΗΣ ΠΡΕΒΕΖΗΣ ΕΒΥΘΙΣΘΗ ΤΗΝ ΝΥΚΤΑ ΕΙΣ ΠΛΗΡΕΣ ΣΚΟΤΟΣ

ΔΙΟΤΙ Ο ΔΗΜΟΣ ΟΦΕΙΛΕΙ

ΙΩΑΝΝΙΝΑ, 16.— Ἡ πόλις τῆς Πρεβέζης ἐβυθίσθη εἰς πλῆρες σκότος διότι ἡ ἑταιρεία ἠλεκτρισμοῦ διέκοψε τὴν παροχὴν ρεύματος λόγῳ ὀφειλῶν τοῦ δήμου. Ὁ δήμαρχος ἐζήτησε τὴν ἐπέμβασιν τοῦ ὑπουργείου.

ΑΙ ΠΑΡΑΒΙΑΣΕΙΣ ΤΗΣ ΖΥΝΟΡΩΝ ΤΩΝ ΤΣΕΧΟΣΛΟΒΑΚΙΑΣ ΑΠΟ ΑΜΕΡΙΚΑΝΟΥΣ ΠΟΛΙΤΑΣ

ΠΡΑΓΑ, 16. (Ἀσσ. Πρές).— Τὸ πρακτορεῖον εἰδήσεων κατηγορεῖ Ἀμερικανοὺς πολίτας ὅτι παρεβίασαν τὰ σύνορα τῆς Τσεχοσλοβακίας κατὰ τὰς τελευταίας ἡμέρας.

ΘΑ ΣΥΝΕΧΙΣΘΗ Η ΣΥΓΚΕΝΤΡΩΣΙΣ ΤΩΝ ΑΔΙΑΘΕΤΩΝ ΕΛΑΙΟΓΕΙΩΝ ΚΑΠΝΩΝ

ΑΘΗΝΑΙ, 16.— Ὁ ὑπουργὸς Γεωργίας ἀπεφάσισε τὴν συνέχισιν τῆς συγκεντρώσεως τῶν ἀδιαθέτων καπνῶν διὰ τὴν προστασίαν τῶν παραγωγῶν.

ΘΑ ΠΛΗΡΟΥΝ ΚΑΙΡΙΟΙΣ ΟΙ ΕΡΓΟ-ΦΑΝΤΟΡΓΟΙ ΜΕ ΤΗΝ ΜΕΛΕΤΩΜΕΝΗΝ ΑΥΞΗΣΙΝ ΤΩΝ ΔΑΣΜΩΝ

ΑΘΗΝΑΙ, 16.— Ἡ αὔξησις τῶν δασμῶν ἐπὶ τῶν εἰσαγομένων προϊόντων θὰ ἐπιβαρύνῃ σημαντικῶς τοὺς ἐργοστασιάρχας, οἱ ὁποῖοι ζητοῦν μεταβατικὴν περίοδον.

ΚΑΤΑΔΙΚΗ ΕΡΓΑΤΩΝ ΑΝΤΙΚΟΜΜΟΥΝΙΣΤΩΝ ΕΙΣ ΤΣΕΧΟΣΛΟΒΑΚΙΑΝ

ΠΡΑΓΑ, 16.— Δικαστήριον κατεδίκασεν εἰς βαρείας ποινὰς ἐργάτας κατηγορουμένους διὰ ἀντικομμουνιστικὴν δρᾶσιν.

ΣΥΝΕΧΙΖΕΤΑΙ ΕΝ ΛΟΝΔΙΝΩ ΤΟ ΣΥΝΕΔΡΙΟΝ ΤΗΣ ΙΝΤΕΡΠΟΛ

ΛΟΝΔΙΝΟΝ, 16. (Ἀσσ. Πρές).— Συνεχίζονται αἱ ἐργασίαι τοῦ συνεδρίου τῆς Ἰντερπόλ μὲ τὴν συμμετοχὴν ἀντιπροσώπων ἐκ πολλῶν χωρῶν.

ΤΟ ΤΟΥΡΙΣΤΙΚΟΝ ΣΥΝΑΛΛΑΓΜΑ

Τὸ εἰσαχθὲν συνάλλαγμα ἐκ τοῦ τουρισμοῦ ἀνῆλθε κατὰ τὸ τρέχον ἔτος εἰς σημαντικὸν ποσόν.

Η ΕΚΘΕΣΙΣ ΝΙΚΟΛΑ

Ἕν ἀπὸ τὰ ἐκτιθέμενα γλυπτά, ἡ προτομὴ Παλαμᾶ

Ἡ ἔκθεσις τοῦ γλύπτου Νικολᾶ περιλαμβάνει ἔργα τῶν τελευταίων ἐτῶν καὶ θὰ διαρκέσῃ μέχρι τέλους τοῦ μηνός.
